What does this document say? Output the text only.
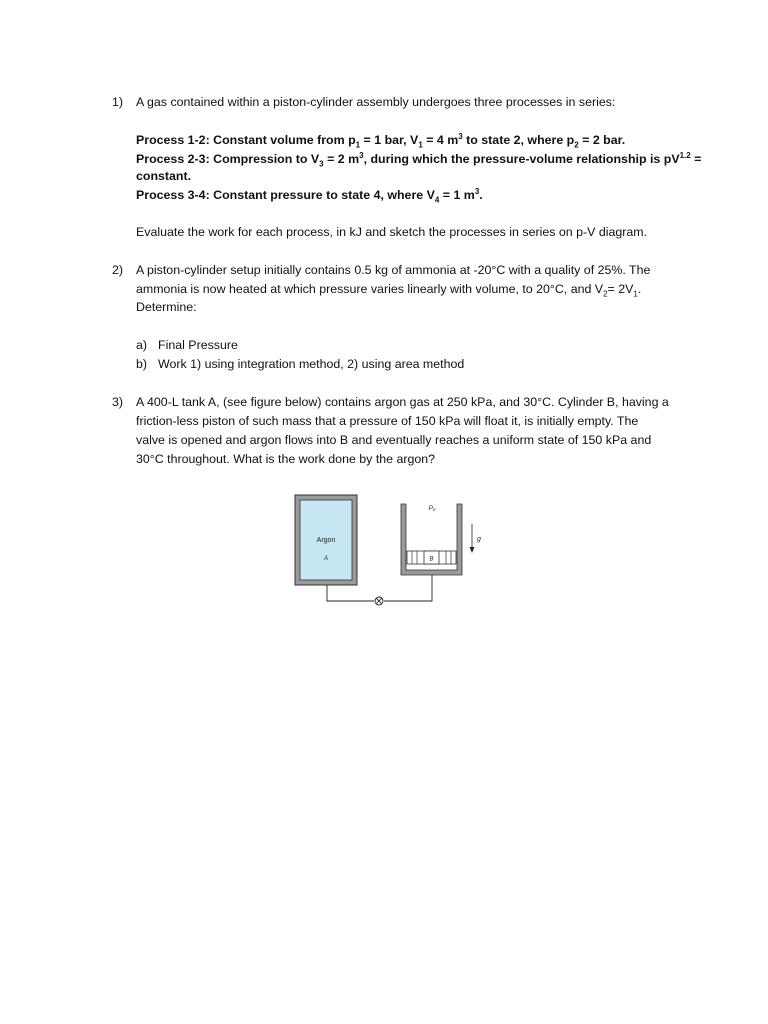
1) A gas contained within a piston-cylinder assembly undergoes three processes in series:
Process 1-2: Constant volume from $p_1 = 1$ bar, $V_1 = 4$ $m^3$ to state 2, where $p_2 = 2$ bar.
Process 2-3: Compression to $V_3 = 2$ $m^3$, during which the pressure-volume relationship is $pV^{1.2}$ =
constant.
Process 3-4: Constant pressure to state 4, where $V_4 = 1$ $m^3$.
Evaluate the work for each process, in kJ and sketch the processes in series on p-V diagram.
2) A piston-cylinder setup initially contains 0.5 kg of ammonia at -20°C with a quality of 25%. The
ammonia is now heated at which pressure varies linearly with volume, to 20°C, and $V_2= 2V_1$.
Determine:
a) Final Pressure
b) Work 1) using integration method, 2) using area method
3) A 400-L tank A, (see figure below) contains argon gas at 250 kPa, and 30°C. Cylinder B, having a
friction-less piston of such mass that a pressure of 150 kPa will float it, is initially empty. The
valve is opened and argon flows into B and eventually reaches a uniform state of 150 kPa and
30°C throughout. What is the work done by the argon?
Argon
A	B
P₀
g
